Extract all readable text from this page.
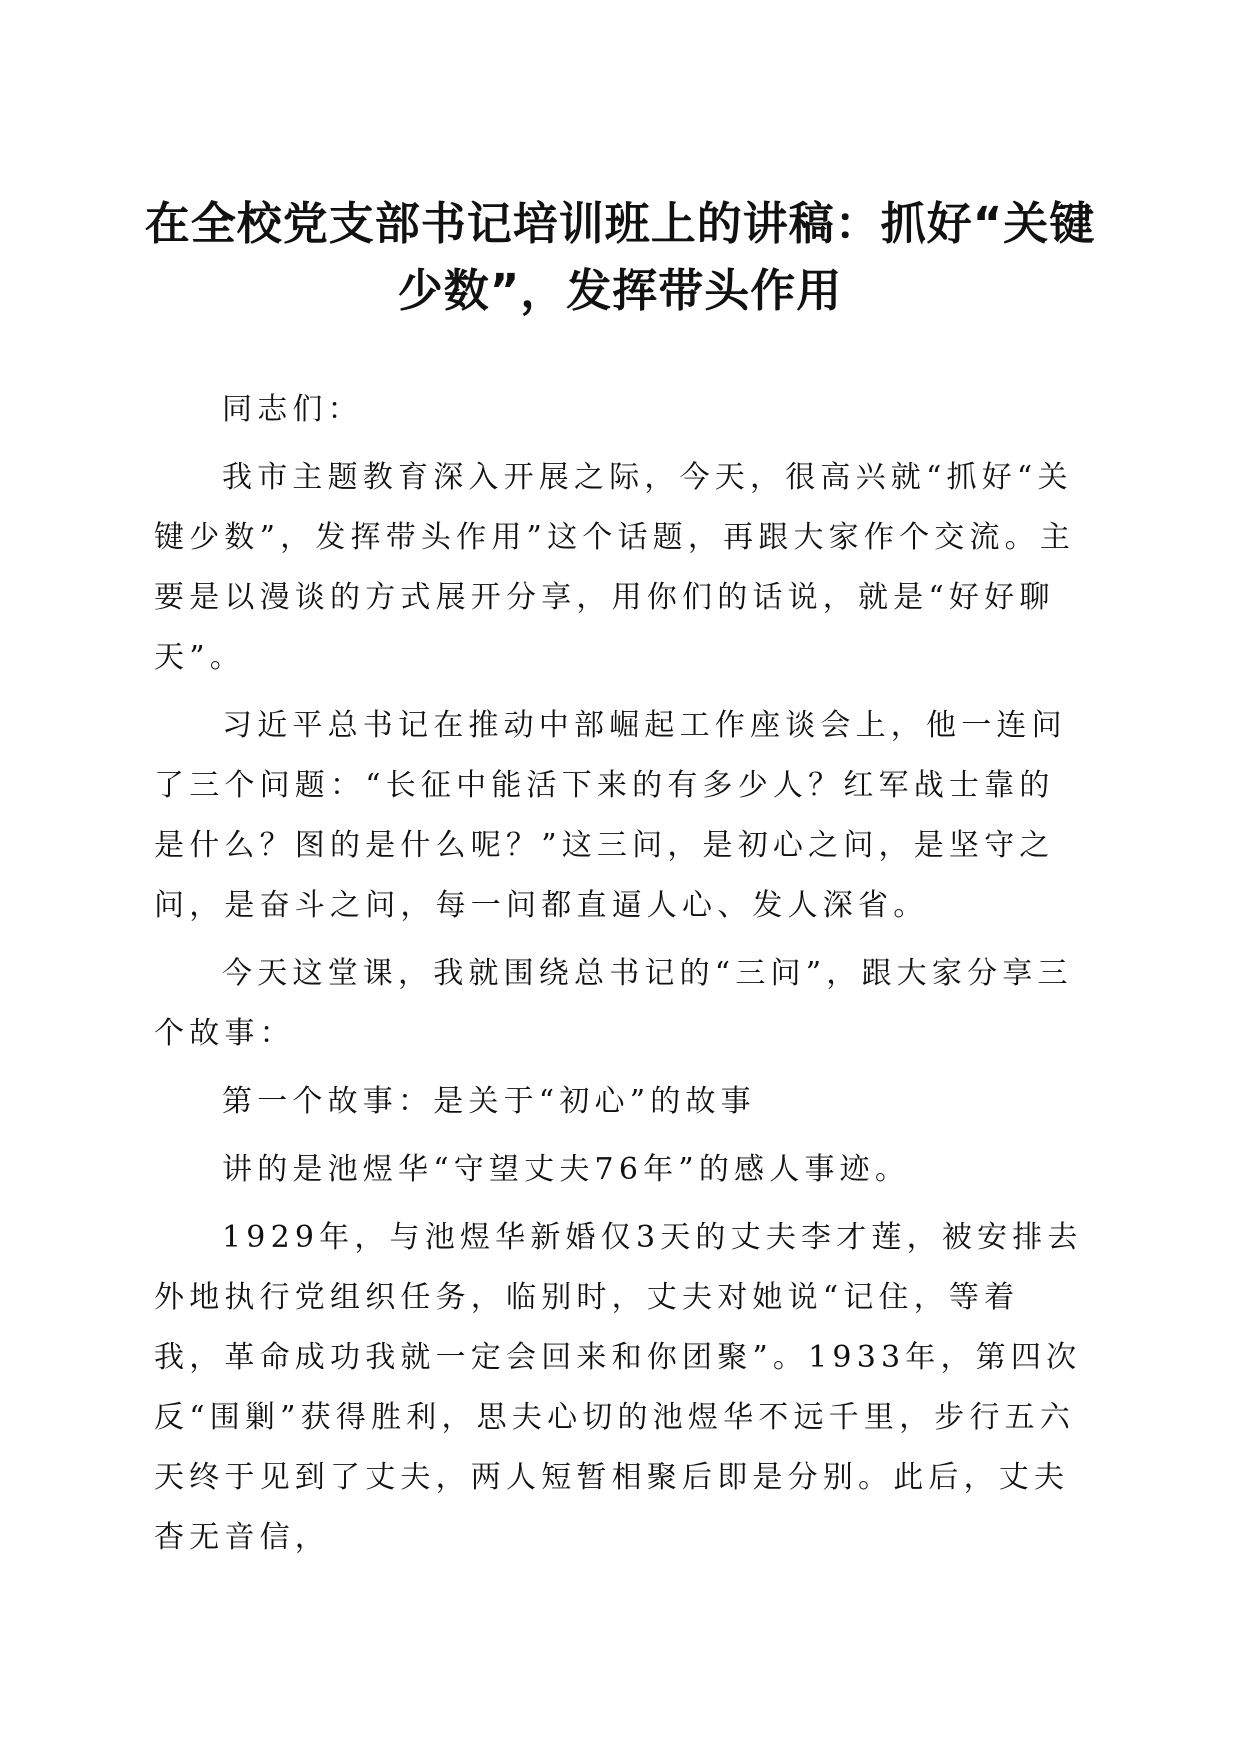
在全校党支部书记培训班上的讲稿：抓好“关键少数”，发挥带头作用

同志们：

我市主题教育深入开展之际，今天，很高兴就“抓好“关键少数”，发挥带头作用”这个话题，再跟大家作个交流。主要是以漫谈的方式展开分享，用你们的话说，就是“好好聊天”。

习近平总书记在推动中部崛起工作座谈会上，他一连问了三个问题：“长征中能活下来的有多少人？红军战士靠的是什么？图的是什么呢？”这三问，是初心之问，是坚守之问，是奋斗之问，每一问都直逼人心、发人深省。

今天这堂课，我就围绕总书记的“三问”，跟大家分享三个故事：

第一个故事：是关于“初心”的故事

讲的是池煜华“守望丈夫76年”的感人事迹。

1929年，与池煜华新婚仅3天的丈夫李才莲，被安排去外地执行党组织任务，临别时，丈夫对她说“记住，等着我，革命成功我就一定会回来和你团聚”。1933年，第四次反“围剿”获得胜利，思夫心切的池煜华不远千里，步行五六天终于见到了丈夫，两人短暂相聚后即是分别。此后，丈夫杳无音信，
